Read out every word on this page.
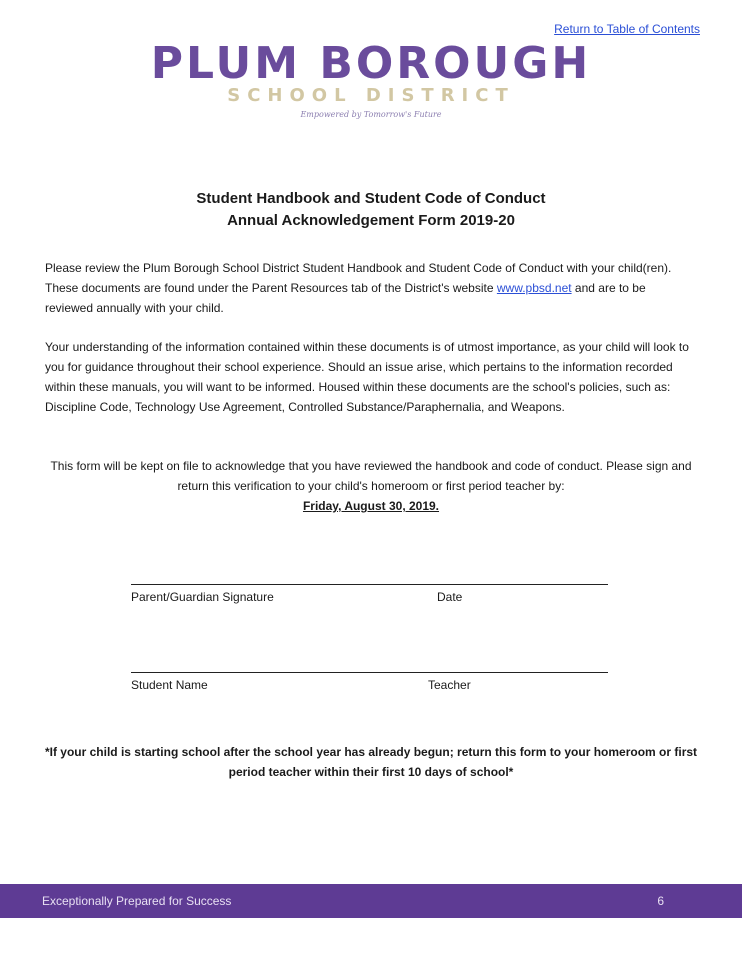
Return to Table of Contents
PLUM BOROUGH
SCHOOL DISTRICT
Empowered by Tomorrow's Future
Student Handbook and Student Code of Conduct
Annual Acknowledgement Form 2019-20

Please review the Plum Borough School District Student Handbook and Student Code of Conduct with your child(ren). These documents are found under the Parent Resources tab of the District's website www.pbsd.net and are to be reviewed annually with your child.

Your understanding of the information contained within these documents is of utmost importance, as your child will look to you for guidance throughout their school experience. Should an issue arise, which pertains to the information recorded within these manuals, you will want to be informed. Housed within these documents are the school's policies, such as: Discipline Code, Technology Use Agreement, Controlled Substance/Paraphernalia, and Weapons.

This form will be kept on file to acknowledge that you have reviewed the handbook and code of conduct. Please sign and return this verification to your child's homeroom or first period teacher by:
Friday, August 30, 2019.
Parent/Guardian Signature	Date
Student Name	Teacher
*If your child is starting school after the school year has already begun; return this form to your homeroom or first period teacher within their first 10 days of school*
Exceptionally Prepared for Success	6
